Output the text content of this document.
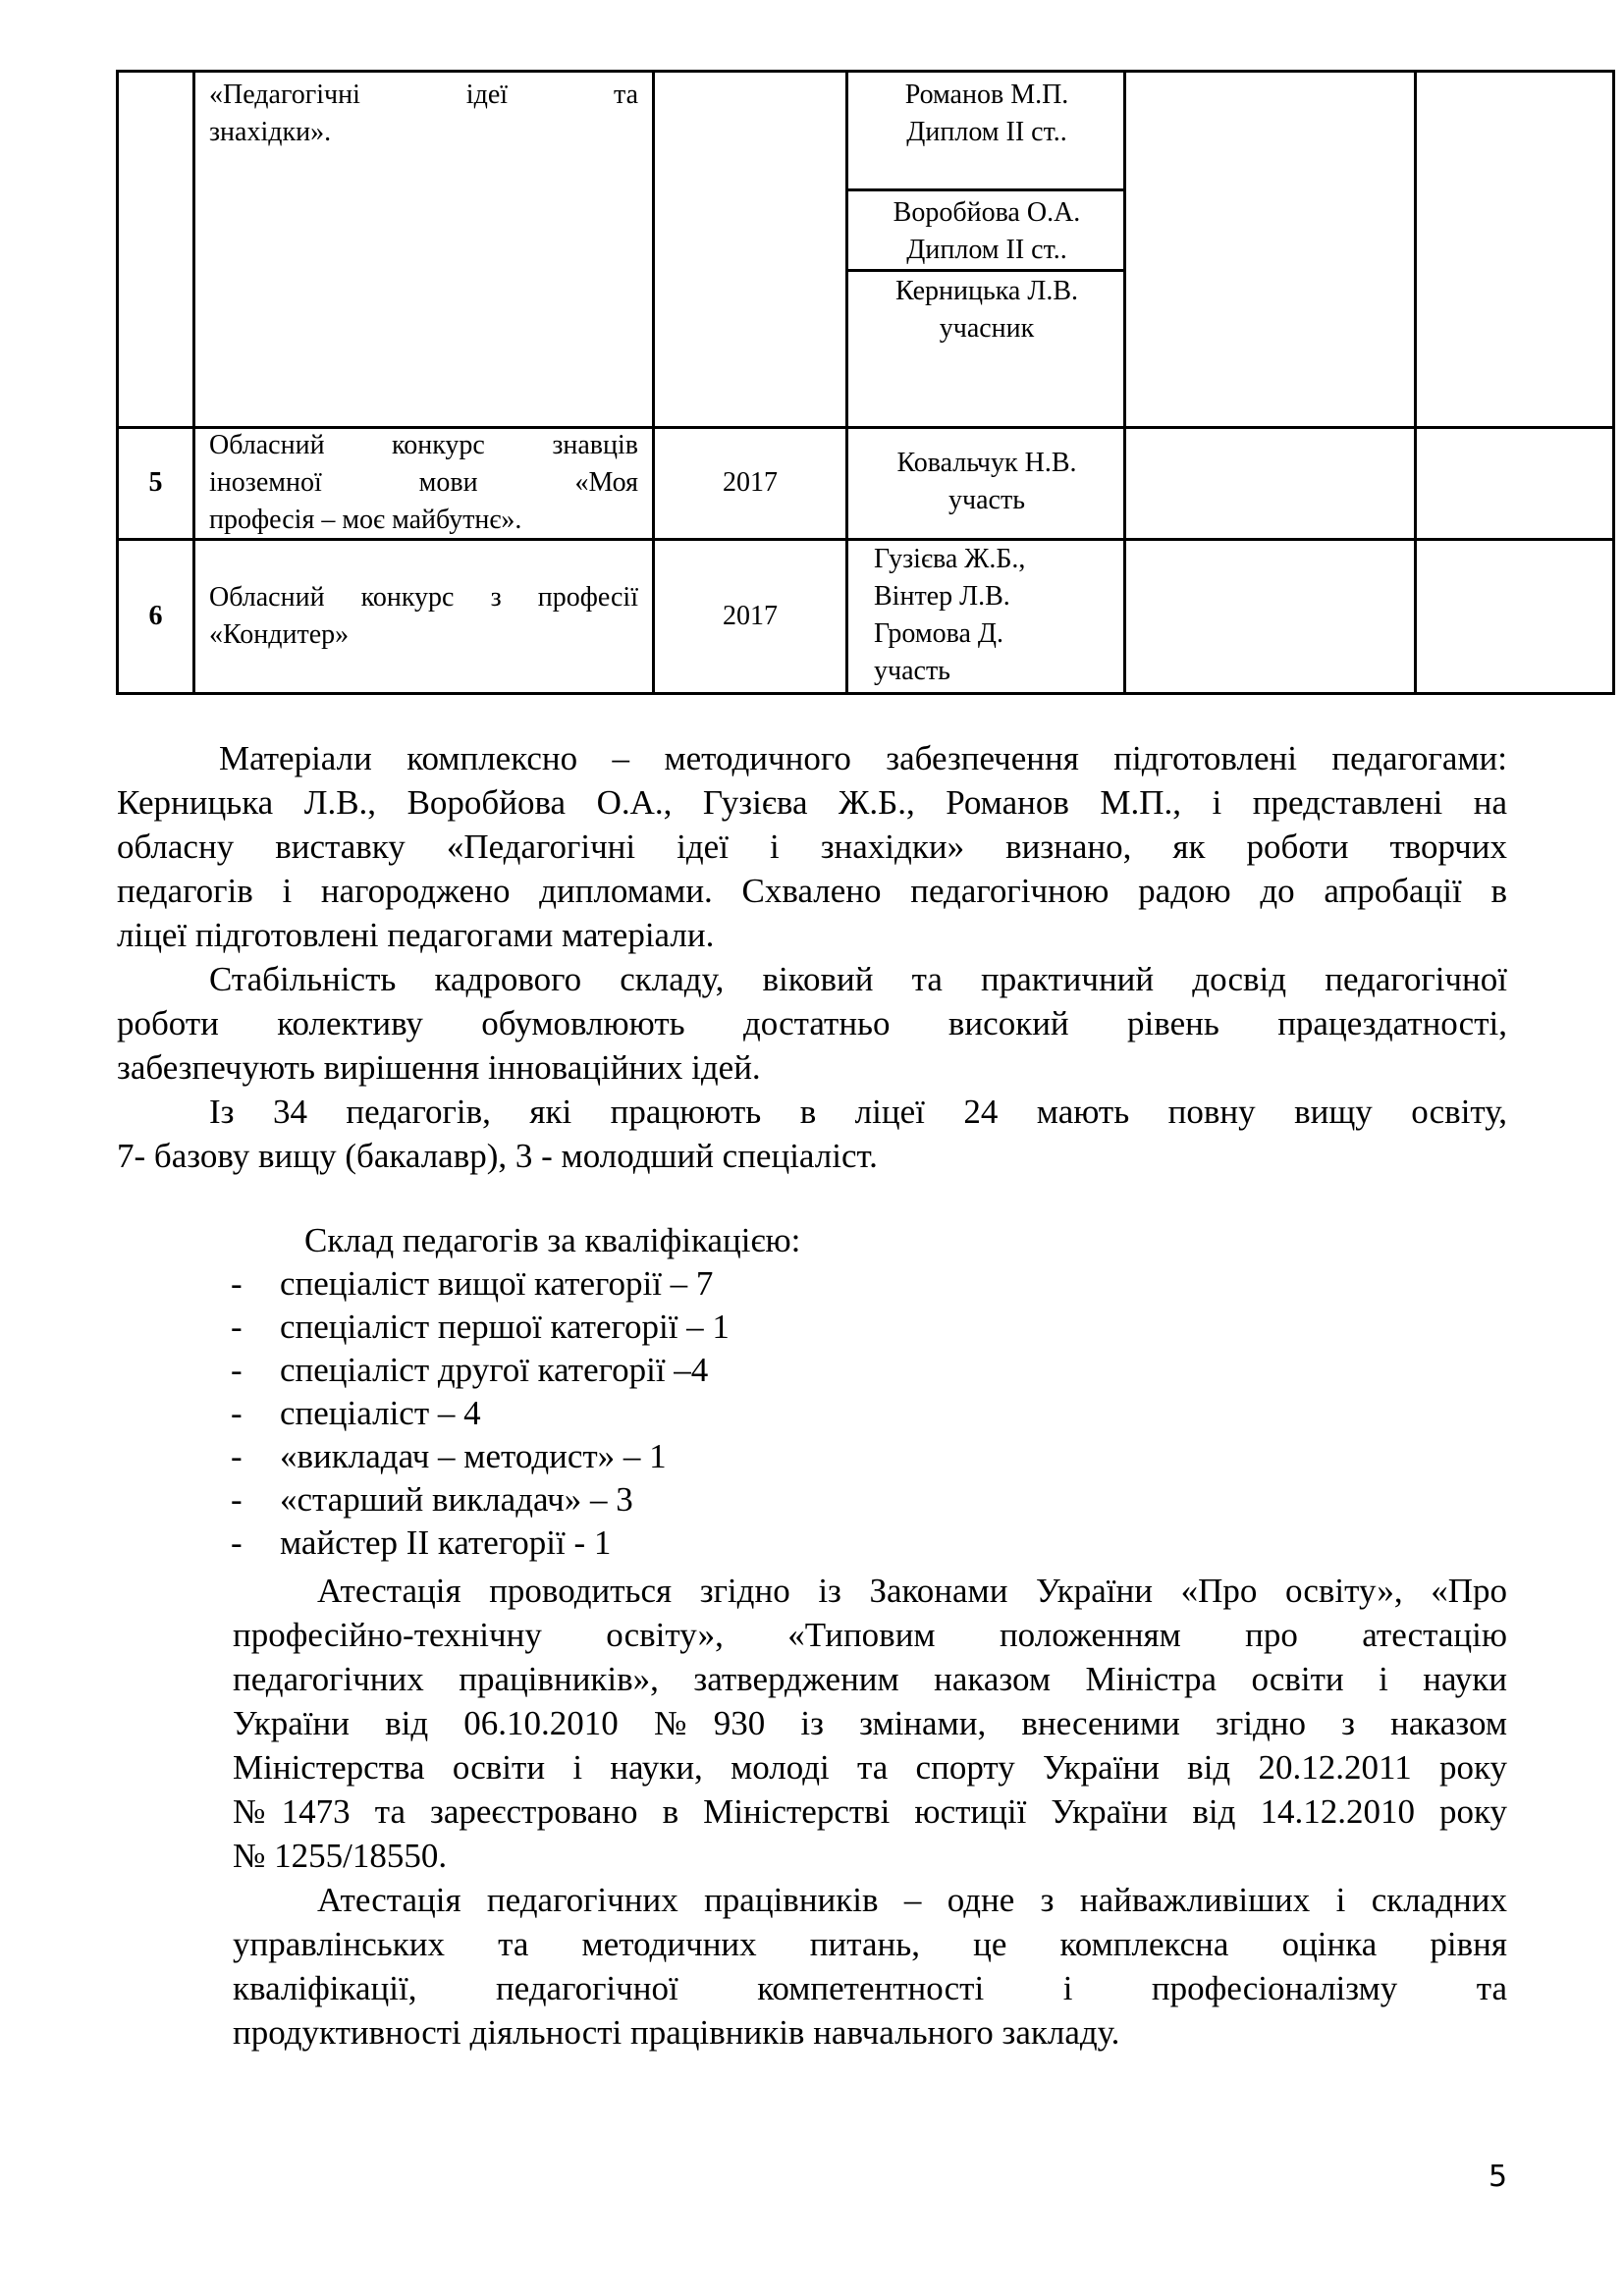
«Педагогічні ідеї та
знахідки».
Романов М.П.
Диплом ІІ ст..
Воробйова О.А.
Диплом ІІ ст..
Керницька Л.В.
учасник
5
Обласний конкурс знавців
іноземної мови «Моя
професія – моє майбутнє».
2017
Ковальчук Н.В.
участь
6
Обласний конкурс з професії
«Кондитер»
2017
Гузієва Ж.Б.,
Вінтер Л.В.
Громова Д.
участь
Матеріали комплексно – методичного забезпечення підготовлені педагогами:
Керницька Л.В., Воробйова О.А., Гузієва Ж.Б., Романов М.П., і представлені на
обласну виставку «Педагогічні ідеї і знахідки» визнано, як роботи творчих
педагогів і нагороджено дипломами. Схвалено педагогічною радою до апробації в
ліцеї підготовлені педагогами матеріали.
Стабільність кадрового складу, віковий та практичний досвід педагогічної
роботи колективу обумовлюють достатньо високий рівень працездатності,
забезпечують вирішення інноваційних ідей.
Із 34 педагогів, які працюють в ліцеї 24 мають повну вищу освіту,
7- базову вищу (бакалавр), 3 - молодший спеціаліст.
Склад педагогів за кваліфікацією:
- спеціаліст вищої категорії – 7
- спеціаліст першої категорії – 1
- спеціаліст другої категорії –4
- спеціаліст – 4
- «викладач – методист» – 1
- «старший викладач» – 3
- майстер ІІ категорії - 1
Атестація проводиться згідно із Законами України «Про освіту», «Про
професійно-технічну освіту», «Типовим положенням про атестацію
педагогічних працівників», затвердженим наказом Міністра освіти і науки
України від 06.10.2010 №930 із змінами, внесеними згідно з наказом
Міністерства освіти і науки, молоді та спорту України від 20.12.2011 року
№1473 та зареєстровано в Міністерстві юстиції України від 14.12.2010 року
№ 1255/18550.
Атестація педагогічних працівників – одне з найважливіших і складних
управлінських та методичних питань, це комплексна оцінка рівня
кваліфікації, педагогічної компетентності і професіоналізму та
продуктивності діяльності працівників навчального закладу.
5
